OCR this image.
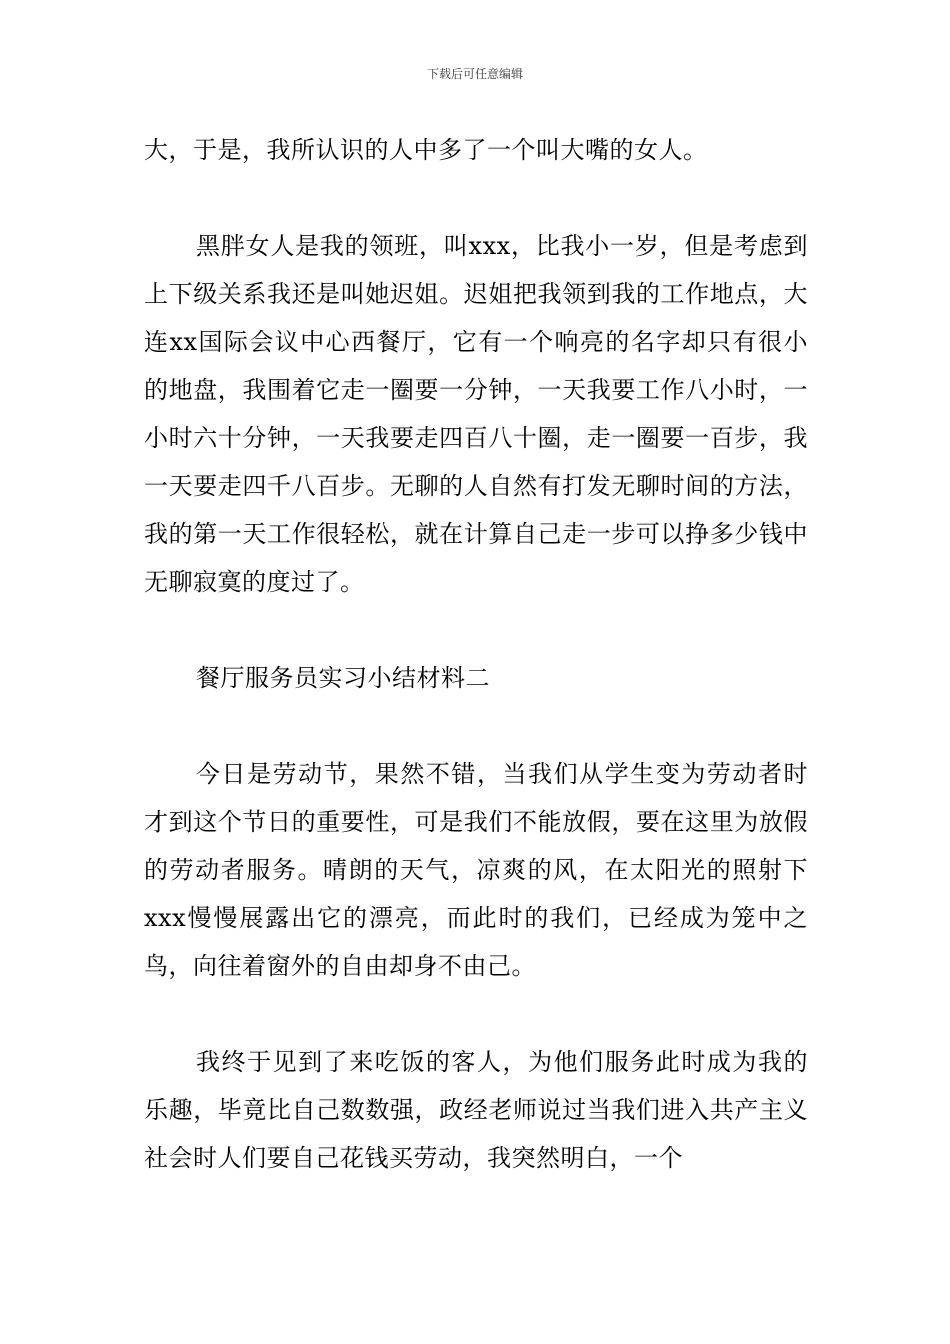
下载后可任意编辑

大，于是，我所认识的人中多了一个叫大嘴的女人。

黑胖女人是我的领班，叫xxx，比我小一岁，但是考虑到上下级关系我还是叫她迟姐。迟姐把我领到我的工作地点，大连xx国际会议中心西餐厅，它有一个响亮的名字却只有很小的地盘，我围着它走一圈要一分钟，一天我要工作八小时，一小时六十分钟，一天我要走四百八十圈，走一圈要一百步，我一天要走四千八百步。无聊的人自然有打发无聊时间的方法，我的第一天工作很轻松，就在计算自己走一步可以挣多少钱中无聊寂寞的度过了。

餐厅服务员实习小结材料二

今日是劳动节，果然不错，当我们从学生变为劳动者时才到这个节日的重要性，可是我们不能放假，要在这里为放假的劳动者服务。晴朗的天气，凉爽的风，在太阳光的照射下xxx慢慢展露出它的漂亮，而此时的我们，已经成为笼中之鸟，向往着窗外的自由却身不由己。

我终于见到了来吃饭的客人，为他们服务此时成为我的乐趣，毕竟比自己数数强，政经老师说过当我们进入共产主义社会时人们要自己花钱买劳动，我突然明白，一个
